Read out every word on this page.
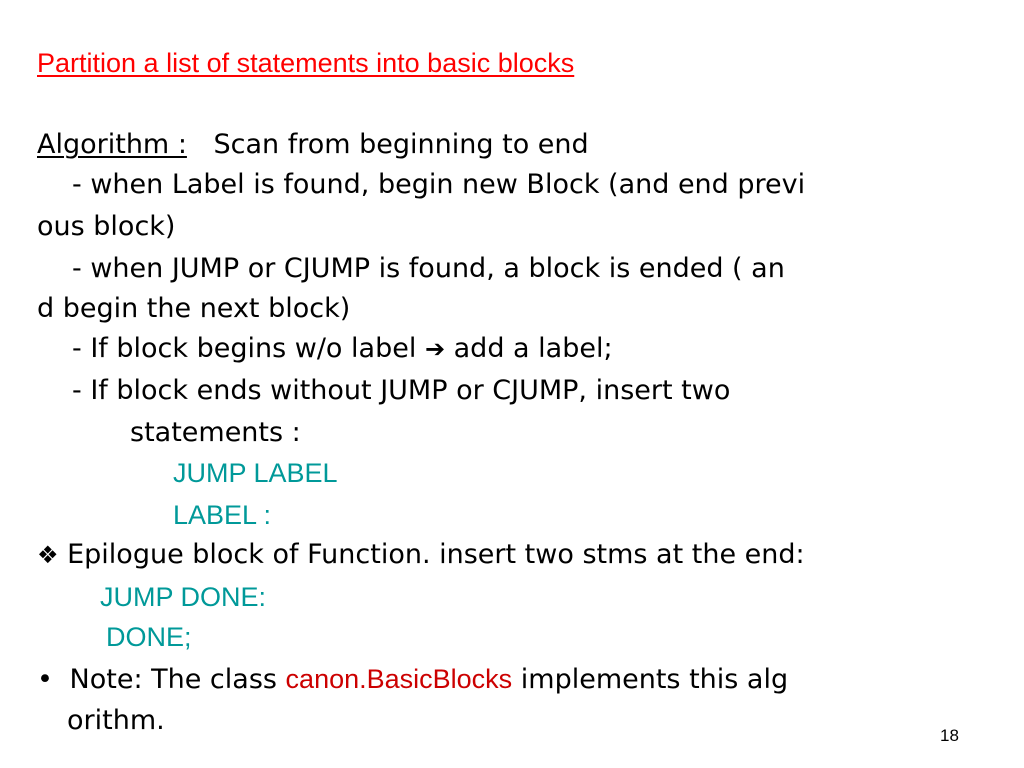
Partition a list of statements into basic blocks
Algorithm : Scan from beginning to end
- when Label is found, begin new Block (and end previ
ous block)
- when JUMP or CJUMP is found, a block is ended ( an
d begin the next block)
- If block begins w/o label ➔ add a label;
- If block ends without JUMP or CJUMP, insert two
statements :
JUMP LABEL
LABEL :
❖ Epilogue block of Function. insert two stms at the end:
JUMP DONE:
DONE;
• Note: The class canon.BasicBlocks implements this alg
orithm.	18
